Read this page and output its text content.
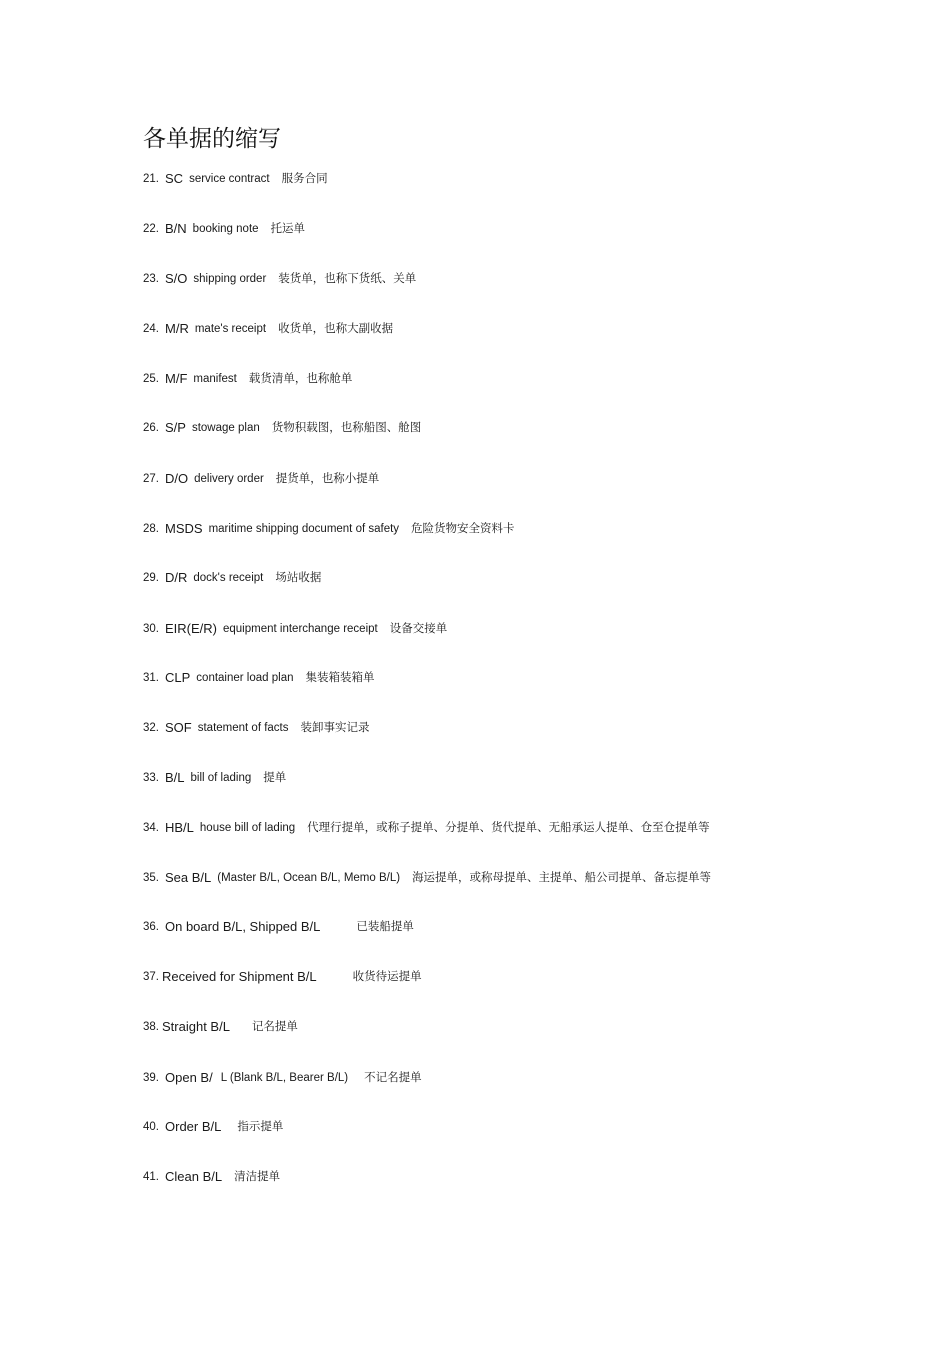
各单据的缩写
21. SC service contract 服务合同
22. B/N booking note 托运单
23. S/O shipping order 装货单，也称下货纸、关单
24. M/R mate's receipt 收货单，也称大副收据
25. M/F manifest 载货清单，也称舱单
26. S/P stowage plan 货物积载图，也称船图、舱图
27. D/O delivery order 提货单，也称小提单
28. MSDS maritime shipping document of safety 危险货物安全资料卡
29. D/R dock's receipt 场站收据
30. EIR(E/R) equipment interchange receipt 设备交接单
31. CLP container load plan 集装箱装箱单
32. SOF statement of facts 装卸事实记录
33. B/L bill of lading 提单
34. HB/L house bill of lading 代理行提单，或称子提单、分提单、货代提单、无船承运人提单、仓至仓提单等
35. Sea B/L (Master B/L, Ocean B/L, Memo B/L) 海运提单，或称母提单、主提单、船公司提单、备忘提单等
36. On board B/L, Shipped B/L	已装船提单
37. Received for Shipment B/L	收货待运提单
38. Straight B/L 记名提单
39. Open B/ L (Blank B/L, Bearer B/L) 不记名提单
40. Order B/L 指示提单
41. Clean B/L 清洁提单
